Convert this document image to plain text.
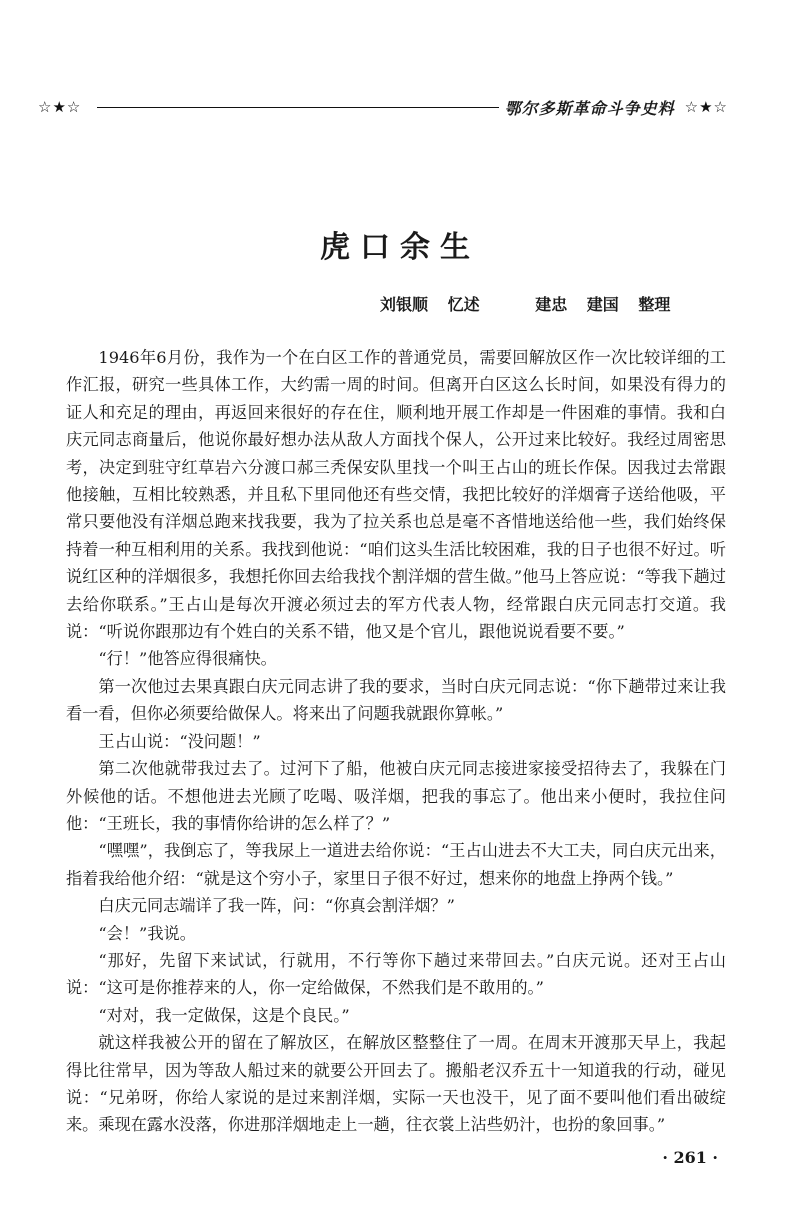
☆★☆	鄂尔多斯革命斗争史料 ☆★☆
虎口余生
刘银顺 忆述	建忠 建国 整理

1946年6月份，我作为一个在白区工作的普通党员，需要回解放区作一次比较详细的工作汇报，研究一些具体工作，大约需一周的时间。但离开白区这么长时间，如果没有得力的证人和充足的理由，再返回来很好的存在住，顺利地开展工作却是一件困难的事情。我和白庆元同志商量后，他说你最好想办法从敌人方面找个保人，公开过来比较好。我经过周密思考，决定到驻守红草岩六分渡口郝三秃保安队里找一个叫王占山的班长作保。因我过去常跟他接触，互相比较熟悉，并且私下里同他还有些交情，我把比较好的洋烟膏子送给他吸，平常只要他没有洋烟总跑来找我要，我为了拉关系也总是毫不吝惜地送给他一些，我们始终保持着一种互相利用的关系。我找到他说：“咱们这头生活比较困难，我的日子也很不好过。听说红区种的洋烟很多，我想托你回去给我找个割洋烟的营生做。”他马上答应说：“等我下趟过去给你联系。”王占山是每次开渡必须过去的军方代表人物，经常跟白庆元同志打交道。我说：“听说你跟那边有个姓白的关系不错，他又是个官儿，跟他说说看要不要。”

“行！”他答应得很痛快。

第一次他过去果真跟白庆元同志讲了我的要求，当时白庆元同志说：“你下趟带过来让我看一看，但你必须要给做保人。将来出了问题我就跟你算帐。”

王占山说：“没问题！”

第二次他就带我过去了。过河下了船，他被白庆元同志接进家接受招待去了，我躲在门外候他的话。不想他进去光顾了吃喝、吸洋烟，把我的事忘了。他出来小便时，我拉住问他：“王班长，我的事情你给讲的怎么样了？”

“嘿嘿”，我倒忘了，等我尿上一道进去给你说：“王占山进去不大工夫，同白庆元出来，指着我给他介绍：“就是这个穷小子，家里日子很不好过，想来你的地盘上挣两个钱。”

白庆元同志端详了我一阵，问：“你真会割洋烟？”

“会！”我说。

“那好，先留下来试试，行就用，不行等你下趟过来带回去。”白庆元说。还对王占山说：“这可是你推荐来的人，你一定给做保，不然我们是不敢用的。”

“对对，我一定做保，这是个良民。”

就这样我被公开的留在了解放区，在解放区整整住了一周。在周末开渡那天早上，我起得比往常早，因为等敌人船过来的就要公开回去了。搬船老汉乔五十一知道我的行动，碰见说：“兄弟呀，你给人家说的是过来割洋烟，实际一天也没干，见了面不要叫他们看出破绽来。乘现在露水没落，你进那洋烟地走上一趟，往衣裳上沾些奶汁，也扮的象回事。”

· 261 ·
